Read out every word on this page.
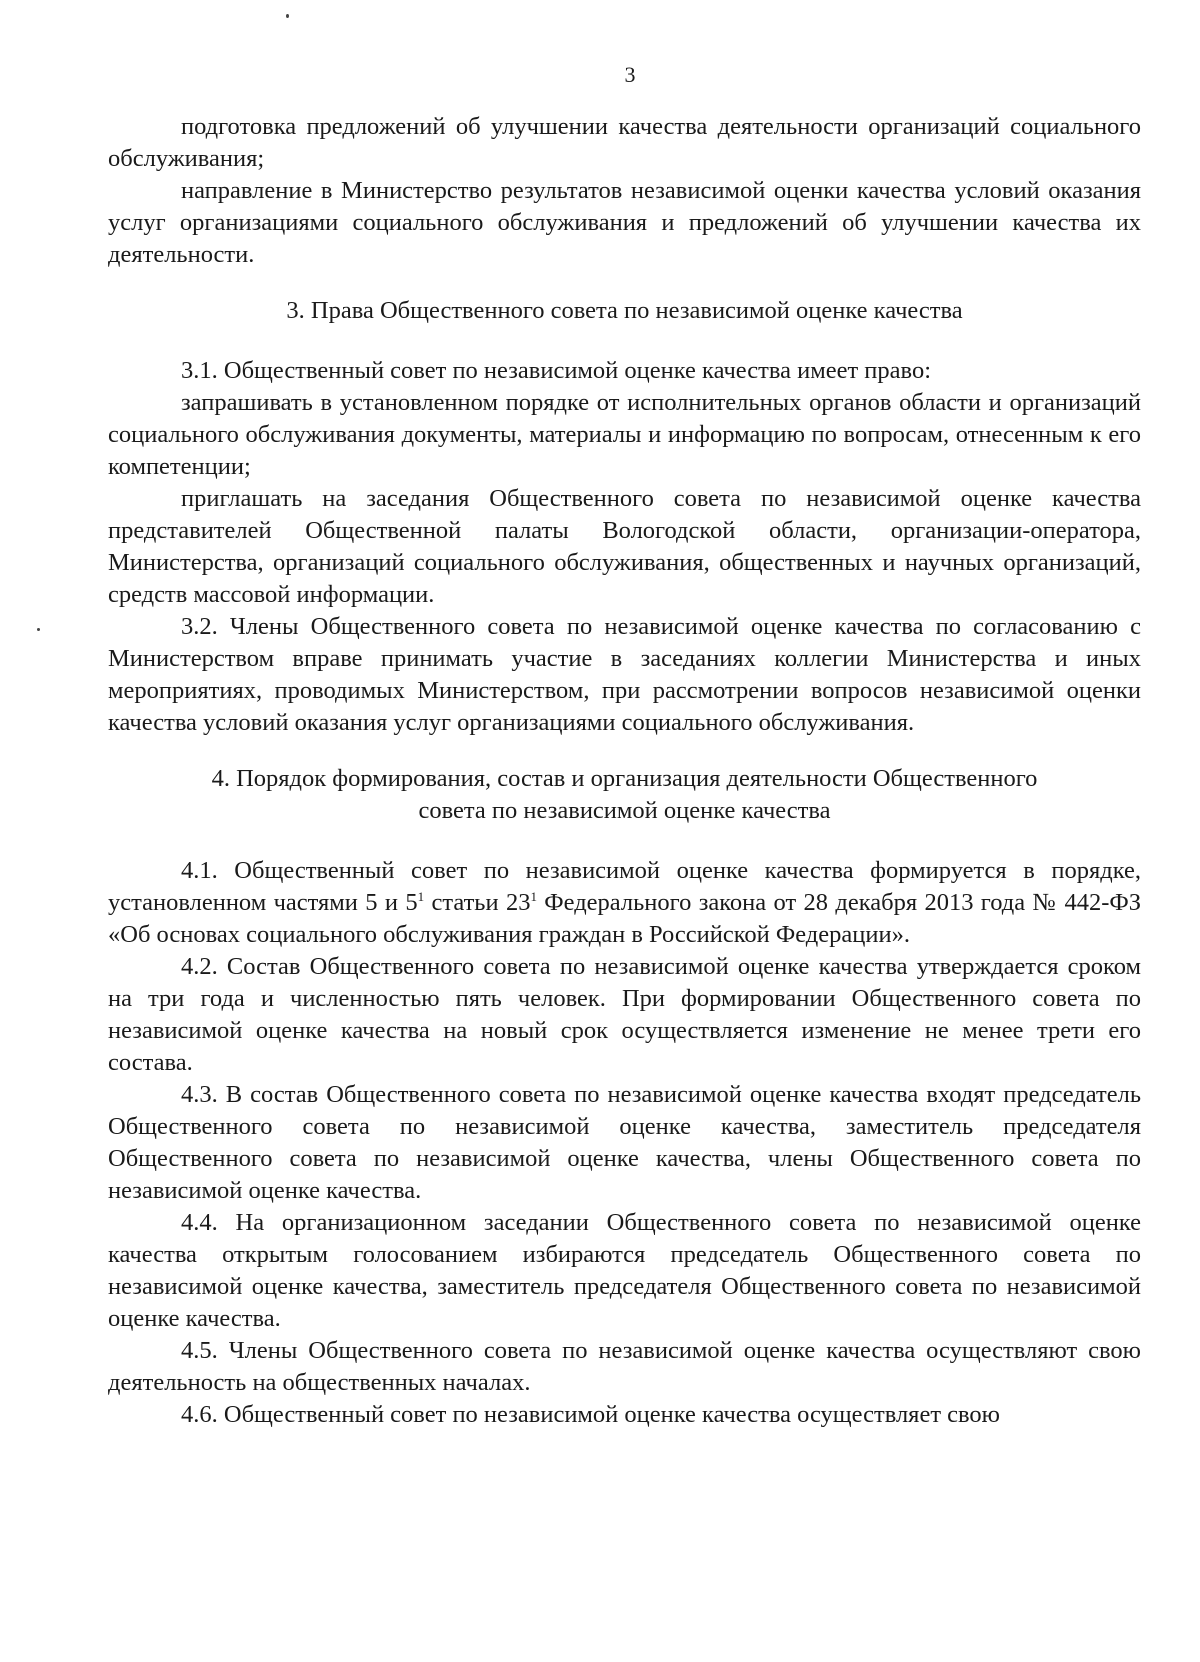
3

подготовка предложений об улучшении качества деятельности организаций социального обслуживания;

направление в Министерство результатов независимой оценки качества условий оказания услуг организациями социального обслуживания и предложений об улучшении качества их деятельности.

3. Права Общественного совета по независимой оценке качества

3.1. Общественный совет по независимой оценке качества имеет право:

запрашивать в установленном порядке от исполнительных органов области и организаций социального обслуживания документы, материалы и информацию по вопросам, отнесенным к его компетенции;

приглашать на заседания Общественного совета по независимой оценке качества представителей Общественной палаты Вологодской области, организации-оператора, Министерства, организаций социального обслуживания, общественных и научных организаций, средств массовой информации.

3.2. Члены Общественного совета по независимой оценке качества по согласованию с Министерством вправе принимать участие в заседаниях коллегии Министерства и иных мероприятиях, проводимых Министерством, при рассмотрении вопросов независимой оценки качества условий оказания услуг организациями социального обслуживания.

4. Порядок формирования, состав и организация деятельности Общественного

совета по независимой оценке качества

4.1. Общественный совет по независимой оценке качества формируется в порядке, установленном частями 5 и $5^1$ статьи $23^1$ Федерального закона от 28 декабря 2013 года № 442-ФЗ «Об основах социального обслуживания граждан в Российской Федерации».

4.2. Состав Общественного совета по независимой оценке качества утверждается сроком на три года и численностью пять человек. При формировании Общественного совета по независимой оценке качества на новый срок осуществляется изменение не менее трети его состава.

4.3. В состав Общественного совета по независимой оценке качества входят председатель Общественного совета по независимой оценке качества, заместитель председателя Общественного совета по независимой оценке качества, члены Общественного совета по независимой оценке качества.

4.4. На организационном заседании Общественного совета по независимой оценке качества открытым голосованием избираются председатель Общественного совета по независимой оценке качества, заместитель председателя Общественного совета по независимой оценке качества.

4.5. Члены Общественного совета по независимой оценке качества осуществляют свою деятельность на общественных началах.

4.6. Общественный совет по независимой оценке качества осуществляет свою
